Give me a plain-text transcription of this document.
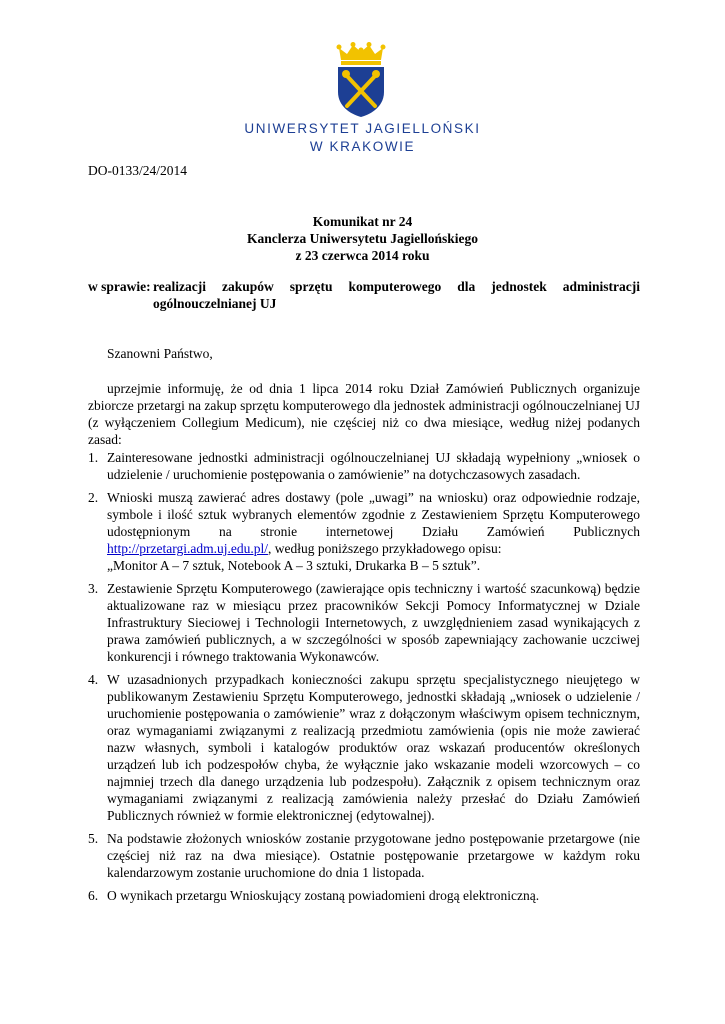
UNIWERSYTET JAGIELLOŃSKI
W KRAKOWIE
DO-0133/24/2014
Komunikat nr 24
Kanclerza Uniwersytetu Jagiellońskiego
z 23 czerwca 2014 roku
w sprawie: realizacji zakupów sprzętu komputerowego dla jednostek administracji ogólnouczelnianej UJ
Szanowni Państwo,

uprzejmie informuję, że od dnia 1 lipca 2014 roku Dział Zamówień Publicznych organizuje zbiorcze przetargi na zakup sprzętu komputerowego dla jednostek administracji ogólnouczelnianej UJ (z wyłączeniem Collegium Medicum), nie częściej niż co dwa miesiące, według niżej podanych zasad:

1. Zainteresowane jednostki administracji ogólnouczelnianej UJ składają wypełniony „wniosek o udzielenie / uruchomienie postępowania o zamówienie” na dotychczasowych zasadach.
2. Wnioski muszą zawierać adres dostawy (pole „uwagi” na wniosku) oraz odpowiednie rodzaje, symbole i ilość sztuk wybranych elementów zgodnie z Zestawieniem Sprzętu Komputerowego udostępnionym na stronie internetowej Działu Zamówień Publicznych http://przetargi.adm.uj.edu.pl/, według poniższego przykładowego opisu:
„Monitor A – 7 sztuk, Notebook A – 3 sztuki, Drukarka B – 5 sztuk”.
3. Zestawienie Sprzętu Komputerowego (zawierające opis techniczny i wartość szacunkową) będzie aktualizowane raz w miesiącu przez pracowników Sekcji Pomocy Informatycznej w Dziale Infrastruktury Sieciowej i Technologii Internetowych, z uwzględnieniem zasad wynikających z prawa zamówień publicznych, a w szczególności w sposób zapewniający zachowanie uczciwej konkurencji i równego traktowania Wykonawców.
4. W uzasadnionych przypadkach konieczności zakupu sprzętu specjalistycznego nieujętego w publikowanym Zestawieniu Sprzętu Komputerowego, jednostki składają „wniosek o udzielenie / uruchomienie postępowania o zamówienie” wraz z dołączonym właściwym opisem technicznym, oraz wymaganiami związanymi z realizacją przedmiotu zamówienia (opis nie może zawierać nazw własnych, symboli i katalogów produktów oraz wskazań producentów określonych urządzeń lub ich podzespołów chyba, że wyłącznie jako wskazanie modeli wzorcowych – co najmniej trzech dla danego urządzenia lub podzespołu). Załącznik z opisem technicznym oraz wymaganiami związanymi z realizacją zamówienia należy przesłać do Działu Zamówień Publicznych również w formie elektronicznej (edytowalnej).
5. Na podstawie złożonych wniosków zostanie przygotowane jedno postępowanie przetargowe (nie częściej niż raz na dwa miesiące). Ostatnie postępowanie przetargowe w każdym roku kalendarzowym zostanie uruchomione do dnia 1 listopada.
6. O wynikach przetargu Wnioskujący zostaną powiadomieni drogą elektroniczną.
